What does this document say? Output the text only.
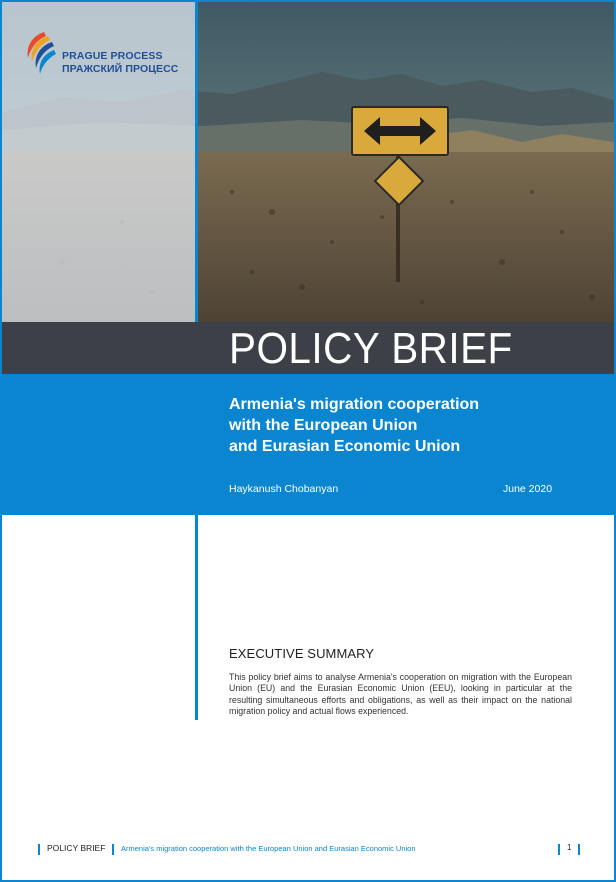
PRAGUE PROCESS
ПРАЖСКИЙ ПРОЦЕСС
POLICY BRIEF
Armenia's migration cooperation
with the European Union
and Eurasian Economic Union
Haykanush Chobanyan	June 2020
EXECUTIVE SUMMARY
This policy brief aims to analyse Armenia's cooperation on migration with the European Union (EU) and the Eurasian Economic Union (EEU), looking in particular at the resulting simultaneous efforts and obligations, as well as their impact on the national migration policy and actual flows experienced.
POLICY BRIEF Armenia's migration cooperation with the European Union and Eurasian Economic Union	1
